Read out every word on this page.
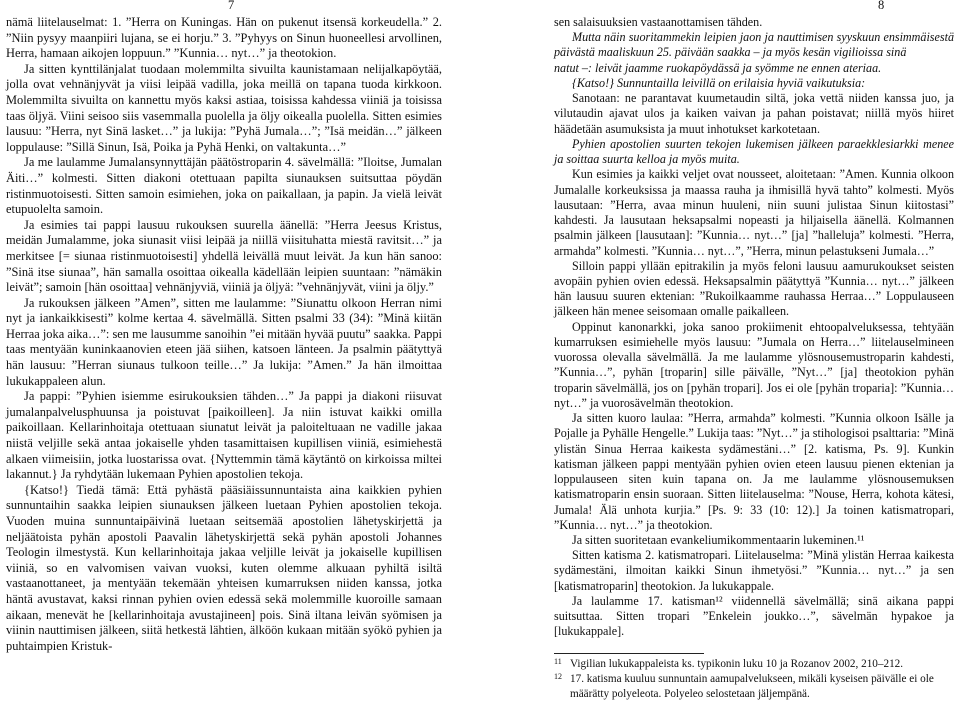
7

nämä liitelauselmat: 1. ”Herra on Kuningas. Hän on pukenut itsensä korkeudella.” 2. ”Niin pysyy maanpiiri lujana, se ei horju.” 3. ”Pyhyys on Sinun huoneellesi arvollinen, Herra, hamaan aikojen loppuun.” ”Kunnia… nyt…” ja theotokion.

Ja sitten kynttilänjalat tuodaan molemmilta sivuilta kaunistamaan nelijalkapöytää, jolla ovat vehnänjyvät ja viisi leipää vadilla, joka meillä on tapana tuoda kirkkoon. Molemmilta sivuilta on kannettu myös kaksi astiaa, toisissa kahdessa viiniä ja toisissa taas öljyä. Viini seisoo siis vasemmalla puolella ja öljy oikealla puolella. Sitten esimies lausuu: ”Herra, nyt Sinä lasket…” ja lukija: ”Pyhä Jumala…”; ”Isä meidän…” jälkeen loppulause: ”Sillä Sinun, Isä, Poika ja Pyhä Henki, on valtakunta…”

Ja me laulamme Jumalansynnyttäjän päätöstroparin 4. sävelmällä: ”Iloitse, Jumalan Äiti…” kolmesti. Sitten diakoni otettuaan papilta siunauksen suitsuttaa pöydän ristinmuotoisesti. Sitten samoin esimiehen, joka on paikallaan, ja papin. Ja vielä leivät etupuolelta samoin.

Ja esimies tai pappi lausuu rukouksen suurella äänellä: ”Herra Jeesus Kristus, meidän Jumalamme, joka siunasit viisi leipää ja niillä viisituhatta miestä ravitsit…” ja merkitsee [= siunaa ristinmuotoisesti] yhdellä leivällä muut leivät. Ja kun hän sanoo: ”Sinä itse siunaa”, hän samalla osoittaa oikealla kädellään leipien suuntaan: ”nämäkin leivät”; samoin [hän osoittaa] vehnänjyviä, viiniä ja öljyä: ”vehnänjyvät, viini ja öljy.”

Ja rukouksen jälkeen ”Amen”, sitten me laulamme: ”Siunattu olkoon Herran nimi nyt ja iankaikkisesti” kolme kertaa 4. sävelmällä. Sitten psalmi 33 (34): ”Minä kiitän Herraa joka aika…”: sen me lausumme sanoihin ”ei mitään hyvää puutu” saakka. Pappi taas mentyään kuninkaanovien eteen jää siihen, katsoen länteen. Ja psalmin päätyttyä hän lausuu: ”Herran siunaus tulkoon teille…” Ja lukija: ”Amen.” Ja hän ilmoittaa lukukappaleen alun.

Ja pappi: ”Pyhien isiemme esirukouksien tähden…” Ja pappi ja diakoni riisuvat jumalanpalvelusphuunsa ja poistuvat [paikoilleen]. Ja niin istuvat kaikki omilla paikoillaan. Kellarinhoitaja otettuaan siunatut leivät ja paloiteltuaan ne vadille jakaa niistä veljille sekä antaa jokaiselle yhden tasamittaisen kupillisen viiniä, esimiehestä alkaen viimeisiin, jotka luostarissa ovat. {Nyttemmin tämä käytäntö on kirkoissa miltei lakannut.} Ja ryhdytään lukemaan Pyhien apostolien tekoja.

{Katso!} Tiedä tämä: Että pyhästä pääsiäissunnuntaista aina kaikkien pyhien sunnuntaihin saakka leipien siunauksen jälkeen luetaan Pyhien apostolien tekoja. Vuoden muina sunnuntaipäivinä luetaan seitsemää apostolien lähetyskirjettä ja neljäätoista pyhän apostoli Paavalin lähetyskirjettä sekä pyhän apostoli Johannes Teologin ilmestystä. Kun kellarinhoitaja jakaa veljille leivät ja jokaiselle kupillisen viiniä, so en valvomisen vaivan vuoksi, kuten olemme alkuaan pyhiltä isiltä vastaanottaneet, ja mentyään tekemään yhteisen kumarruksen niiden kanssa, jotka häntä avustavat, kaksi rinnan pyhien ovien edessä sekä molemmille kuoroille samaan aikaan, menevät he [kellarinhoitaja avustajineen] pois. Sinä iltana leivän syömisen ja viinin nauttimisen jälkeen, siitä hetkestä lähtien, älköön kukaan mitään syökö pyhien ja puhtaimpien Kristuk-

8

sen salaisuuksien vastaanottamisen tähden.

Mutta näin suoritammekin leipien jaon ja nauttimisen syyskuun ensimmäisestä päivästä maaliskuun 25. päivään saakka – ja myös kesän vigilioissa sinä

natut –: leivät jaamme ruokapöydässä ja syömme ne ennen ateriaa.

{Katso!} Sunnuntailla leivillä on erilaisia hyviä vaikutuksia:

Sanotaan: ne parantavat kuumetaudin siltä, joka vettä niiden kanssa juo, ja vilutaudin ajavat ulos ja kaiken vaivan ja pahan poistavat; niillä myös hiiret häädetään asumuksista ja muut inhotukset karkotetaan.

Pyhien apostolien suurten tekojen lukemisen jälkeen paraekklesiarkki menee ja soittaa suurta kelloa ja myös muita.

Kun esimies ja kaikki veljet ovat nousseet, aloitetaan: ”Amen. Kunnia olkoon Jumalalle korkeuksissa ja maassa rauha ja ihmisillä hyvä tahto” kolmesti. Myös lausutaan: ”Herra, avaa minun huuleni, niin suuni julistaa Sinun kiitostasi” kahdesti. Ja lausutaan heksapsalmi nopeasti ja hiljaisella äänellä. Kolmannen psalmin jälkeen [lausutaan]: ”Kunnia… nyt…” [ja] ”halleluja” kolmesti. ”Herra, armahda” kolmesti. ”Kunnia… nyt…”, ”Herra, minun pelastukseni Jumala…”

Silloin pappi yllään epitrakilin ja myös feloni lausuu aamurukoukset seisten avopäin pyhien ovien edessä. Heksapsalmin päätyttyä ”Kunnia… nyt…” jälkeen hän lausuu suuren ektenian: ”Rukoilkaamme rauhassa Herraa…” Loppulauseen jälkeen hän menee seisomaan omalle paikalleen.

Oppinut kanonarkki, joka sanoo prokiimenit ehtoopalveluksessa, tehtyään kumarruksen esimiehelle myös lausuu: ”Jumala on Herra…” liitelauselmineen vuorossa olevalla sävelmällä. Ja me laulamme ylösnousemustroparin kahdesti, ”Kunnia…”, pyhän [troparin] sille päivälle, ”Nyt…” [ja] theotokion pyhän troparin sävelmällä, jos on [pyhän tropari]. Jos ei ole [pyhän troparia]: ”Kunnia… nyt…” ja vuorosävelmän theotokion.

Ja sitten kuoro laulaa: ”Herra, armahda” kolmesti. ”Kunnia olkoon Isälle ja Pojalle ja Pyhälle Hengelle.” Lukija taas: ”Nyt…” ja stihologisoi psalttaria: ”Minä ylistän Sinua Herraa kaikesta sydämestäni…” [2. katisma, Ps. 9]. Kunkin katisman jälkeen pappi mentyään pyhien ovien eteen lausuu pienen ektenian ja loppulauseen siten kuin tapana on. Ja me laulamme ylösnousemuksen katismatroparin ensin suoraan. Sitten liitelauselma: ”Nouse, Herra, kohota kätesi, Jumala! Älä unhota kurjia.” [Ps. 9: 33 (10: 12).] Ja toinen katismatropari, ”Kunnia… nyt…” ja theotokion.

Ja sitten suoritetaan evankeliumikommentaarin lukeminen.¹¹

Sitten katisma 2. katismatropari. Liitelauselma: ”Minä ylistän Herraa kaikesta sydämestäni, ilmoitan kaikki Sinun ihmetyösi.” ”Kunnia… nyt…” ja sen [katismatroparin] theotokion. Ja lukukappale.

Ja laulamme 17. katisman¹² viidennellä sävelmällä; sinä aikana pappi suitsuttaa. Sitten tropari ”Enkelein joukko…”, sävelmän hypakoe ja [lukukappale].

11 Vigilian lukukappaleista ks. typikonin luku 10 ja Rozanov 2002, 210–212.
12 17. katisma kuuluu sunnuntain aamupalvelukseen, mikäli kyseisen päivälle ei ole määrätty polyeleota. Polyeleo selostetaan jäljempänä.
